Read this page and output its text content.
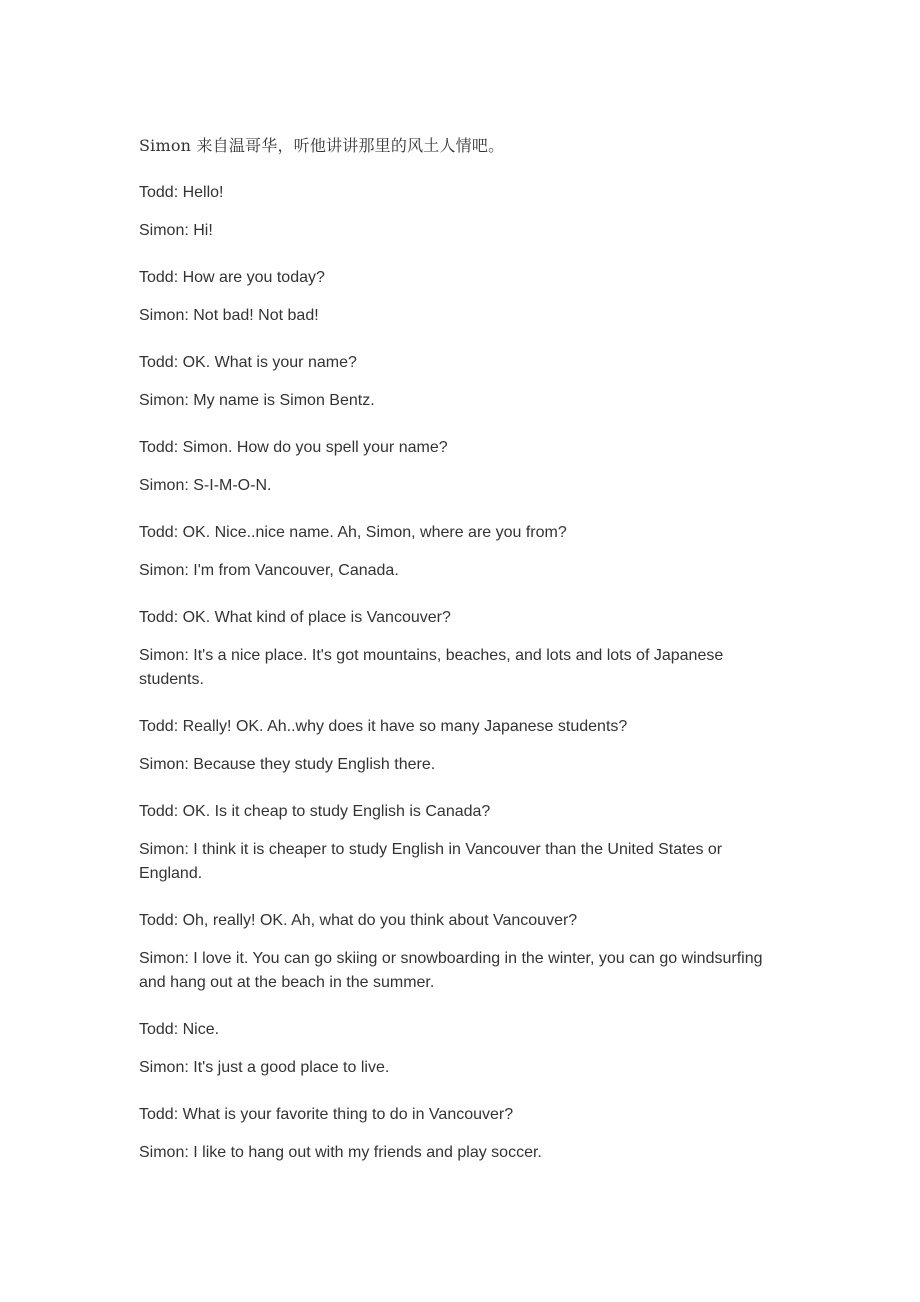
Simon 来自温哥华，听他讲讲那里的风土人情吧。

Todd: Hello!

Simon: Hi!

Todd: How are you today?

Simon: Not bad! Not bad!

Todd: OK. What is your name?

Simon: My name is Simon Bentz.

Todd: Simon. How do you spell your name?

Simon: S-I-M-O-N.

Todd: OK. Nice..nice name. Ah, Simon, where are you from?

Simon: I'm from Vancouver, Canada.

Todd: OK. What kind of place is Vancouver?

Simon: It's a nice place. It's got mountains, beaches, and lots and lots of Japanese students.

Todd: Really! OK. Ah..why does it have so many Japanese students?

Simon: Because they study English there.

Todd: OK. Is it cheap to study English is Canada?

Simon: I think it is cheaper to study English in Vancouver than the United States or England.

Todd: Oh, really! OK. Ah, what do you think about Vancouver?

Simon: I love it. You can go skiing or snowboarding in the winter, you can go windsurfing and hang out at the beach in the summer.

Todd: Nice.

Simon: It's just a good place to live.

Todd: What is your favorite thing to do in Vancouver?

Simon: I like to hang out with my friends and play soccer.
